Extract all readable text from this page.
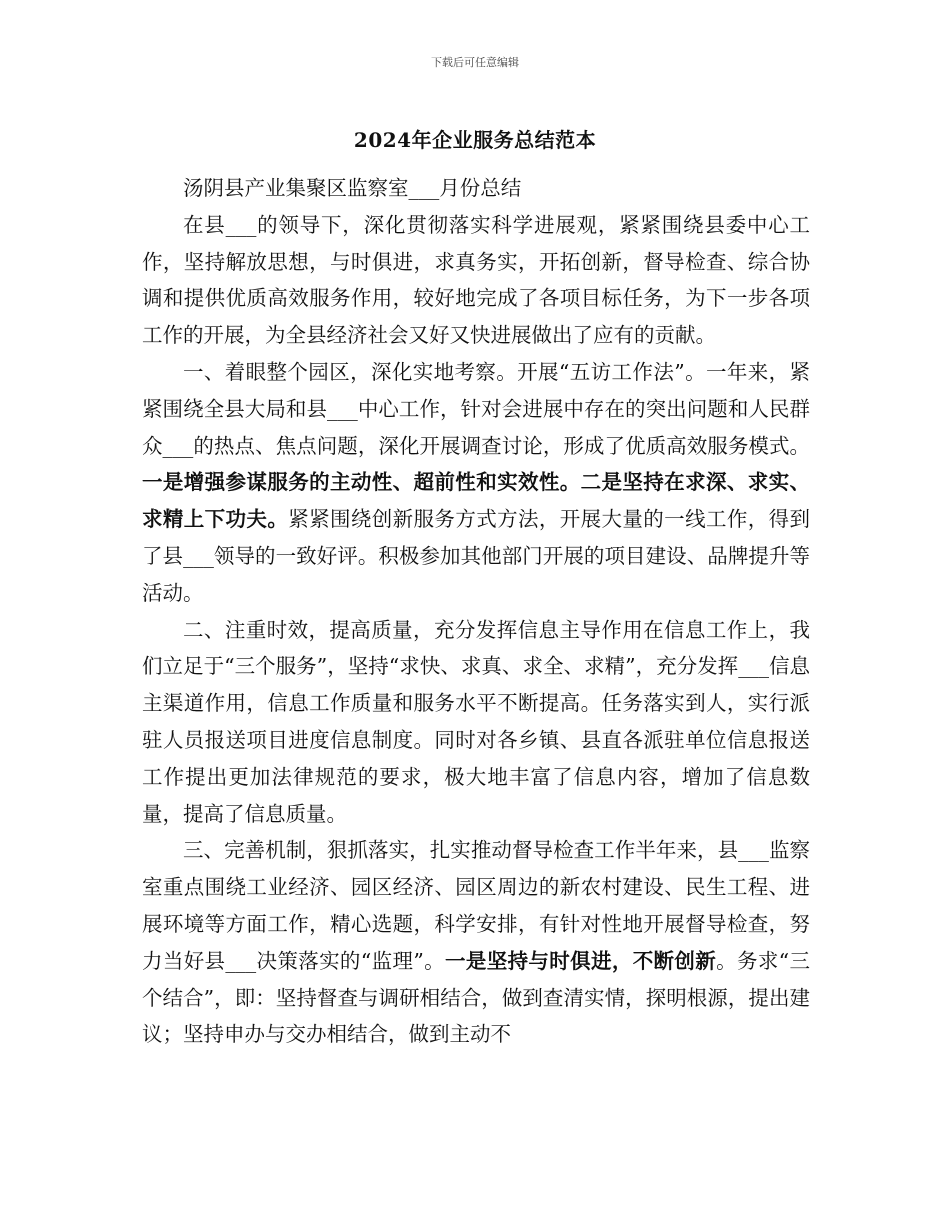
下载后可任意编辑
2024年企业服务总结范本

汤阴县产业集聚区监察室___月份总结

在县___的领导下，深化贯彻落实科学进展观，紧紧围绕县委中心工作，坚持解放思想，与时俱进，求真务实，开拓创新，督导检查、综合协调和提供优质高效服务作用，较好地完成了各项目标任务，为下一步各项工作的开展，为全县经济社会又好又快进展做出了应有的贡献。

一、着眼整个园区，深化实地考察。开展“五访工作法”。一年来，紧紧围绕全县大局和县___中心工作，针对会进展中存在的突出问题和人民群众___的热点、焦点问题，深化开展调查讨论，形成了优质高效服务模式。一是增强参谋服务的主动性、超前性和实效性。二是坚持在求深、求实、求精上下功夫。紧紧围绕创新服务方式方法，开展大量的一线工作，得到了县___领导的一致好评。积极参加其他部门开展的项目建设、品牌提升等活动。

二、注重时效，提高质量，充分发挥信息主导作用在信息工作上，我们立足于“三个服务”，坚持“求快、求真、求全、求精”，充分发挥___信息主渠道作用，信息工作质量和服务水平不断提高。任务落实到人，实行派驻人员报送项目进度信息制度。同时对各乡镇、县直各派驻单位信息报送工作提出更加法律规范的要求，极大地丰富了信息内容，增加了信息数量，提高了信息质量。

三、完善机制，狠抓落实，扎实推动督导检查工作半年来，县___监察室重点围绕工业经济、园区经济、园区周边的新农村建设、民生工程、进展环境等方面工作，精心选题，科学安排，有针对性地开展督导检查，努力当好县___决策落实的“监理”。一是坚持与时俱进，不断创新。务求“三个结合”，即：坚持督查与调研相结合，做到查清实情，探明根源，提出建议；坚持申办与交办相结合，做到主动不
